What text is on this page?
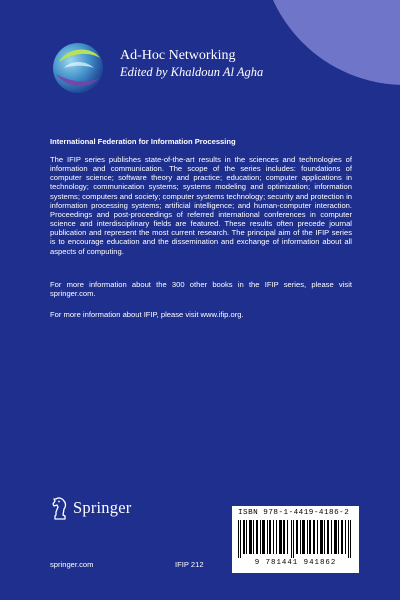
Ad-Hoc Networking
Edited by Khaldoun Al Agha
International Federation for Information Processing

The IFIP series publishes state-of-the-art results in the sciences and technologies of information and communication. The scope of the series includes: foundations of computer science; software theory and practice; education; computer applications in technology; communication systems; systems modeling and optimization; information systems; computers and society; computer systems technology; security and protection in information processing systems; artificial intelligence; and human-computer interaction. Proceedings and post-proceedings of referred international conferences in computer science and interdisciplinary fields are featured. These results often precede journal publication and represent the most current research. The principal aim of the IFIP series is to encourage education and the dissemination and exchange of information about all aspects of computing.

For more information about the 300 other books in the IFIP series, please visit springer.com.

For more information about IFIP, please visit www.ifip.org.

Springer
springer.com	IFIP 212
ISBN 978-1-4419-4186-2
9 781441 941862
